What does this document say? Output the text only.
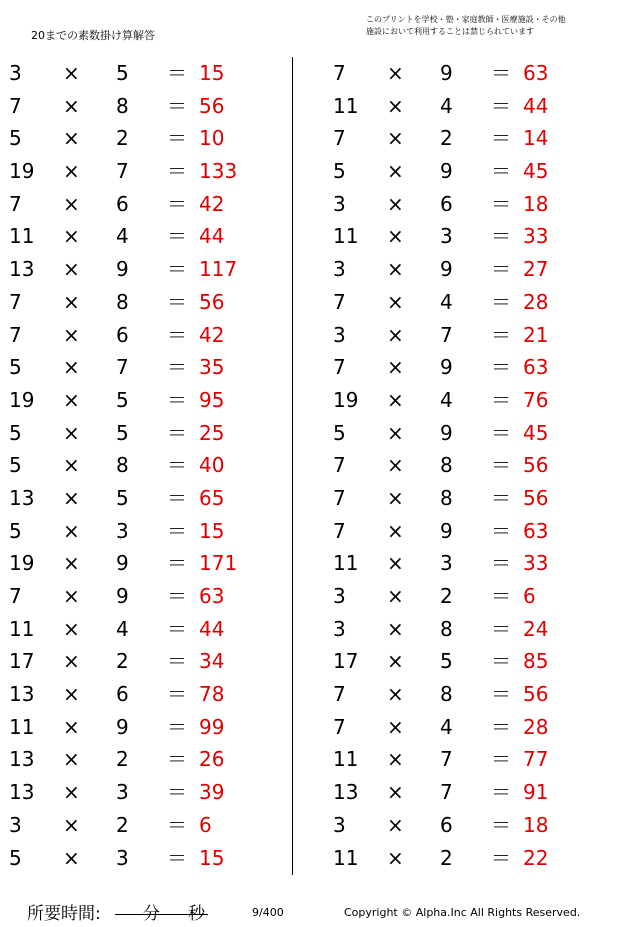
20までの素数掛け算解答
このプリントを学校・塾・家庭教師・医療施設・その他
施設において利用することは禁じられています
3 × 5 ＝ 15
7 × 8 ＝ 56
5 × 2 ＝ 10
19 × 7 ＝ 133
7 × 6 ＝ 42
11 × 4 ＝ 44
13 × 9 ＝ 117
7 × 8 ＝ 56
7 × 6 ＝ 42
5 × 7 ＝ 35
19 × 5 ＝ 95
5 × 5 ＝ 25
5 × 8 ＝ 40
13 × 5 ＝ 65
5 × 3 ＝ 15
19 × 9 ＝ 171
7 × 9 ＝ 63
11 × 4 ＝ 44
17 × 2 ＝ 34
13 × 6 ＝ 78
11 × 9 ＝ 99
13 × 2 ＝ 26
13 × 3 ＝ 39
3 × 2 ＝ 6
5 × 3 ＝ 15
7 × 9 ＝ 63
11 × 4 ＝ 44
7 × 2 ＝ 14
5 × 9 ＝ 45
3 × 6 ＝ 18
11 × 3 ＝ 33
3 × 9 ＝ 27
7 × 4 ＝ 28
3 × 7 ＝ 21
7 × 9 ＝ 63
19 × 4 ＝ 76
5 × 9 ＝ 45
7 × 8 ＝ 56
7 × 8 ＝ 56
7 × 9 ＝ 63
11 × 3 ＝ 33
3 × 2 ＝ 6
3 × 8 ＝ 24
17 × 5 ＝ 85
7 × 8 ＝ 56
7 × 4 ＝ 28
11 × 7 ＝ 77
13 × 7 ＝ 91
3 × 6 ＝ 18
11 × 2 ＝ 22
所要時間: 分 秒	9/400	Copyright © Alpha.Inc All Rights Reserved.
